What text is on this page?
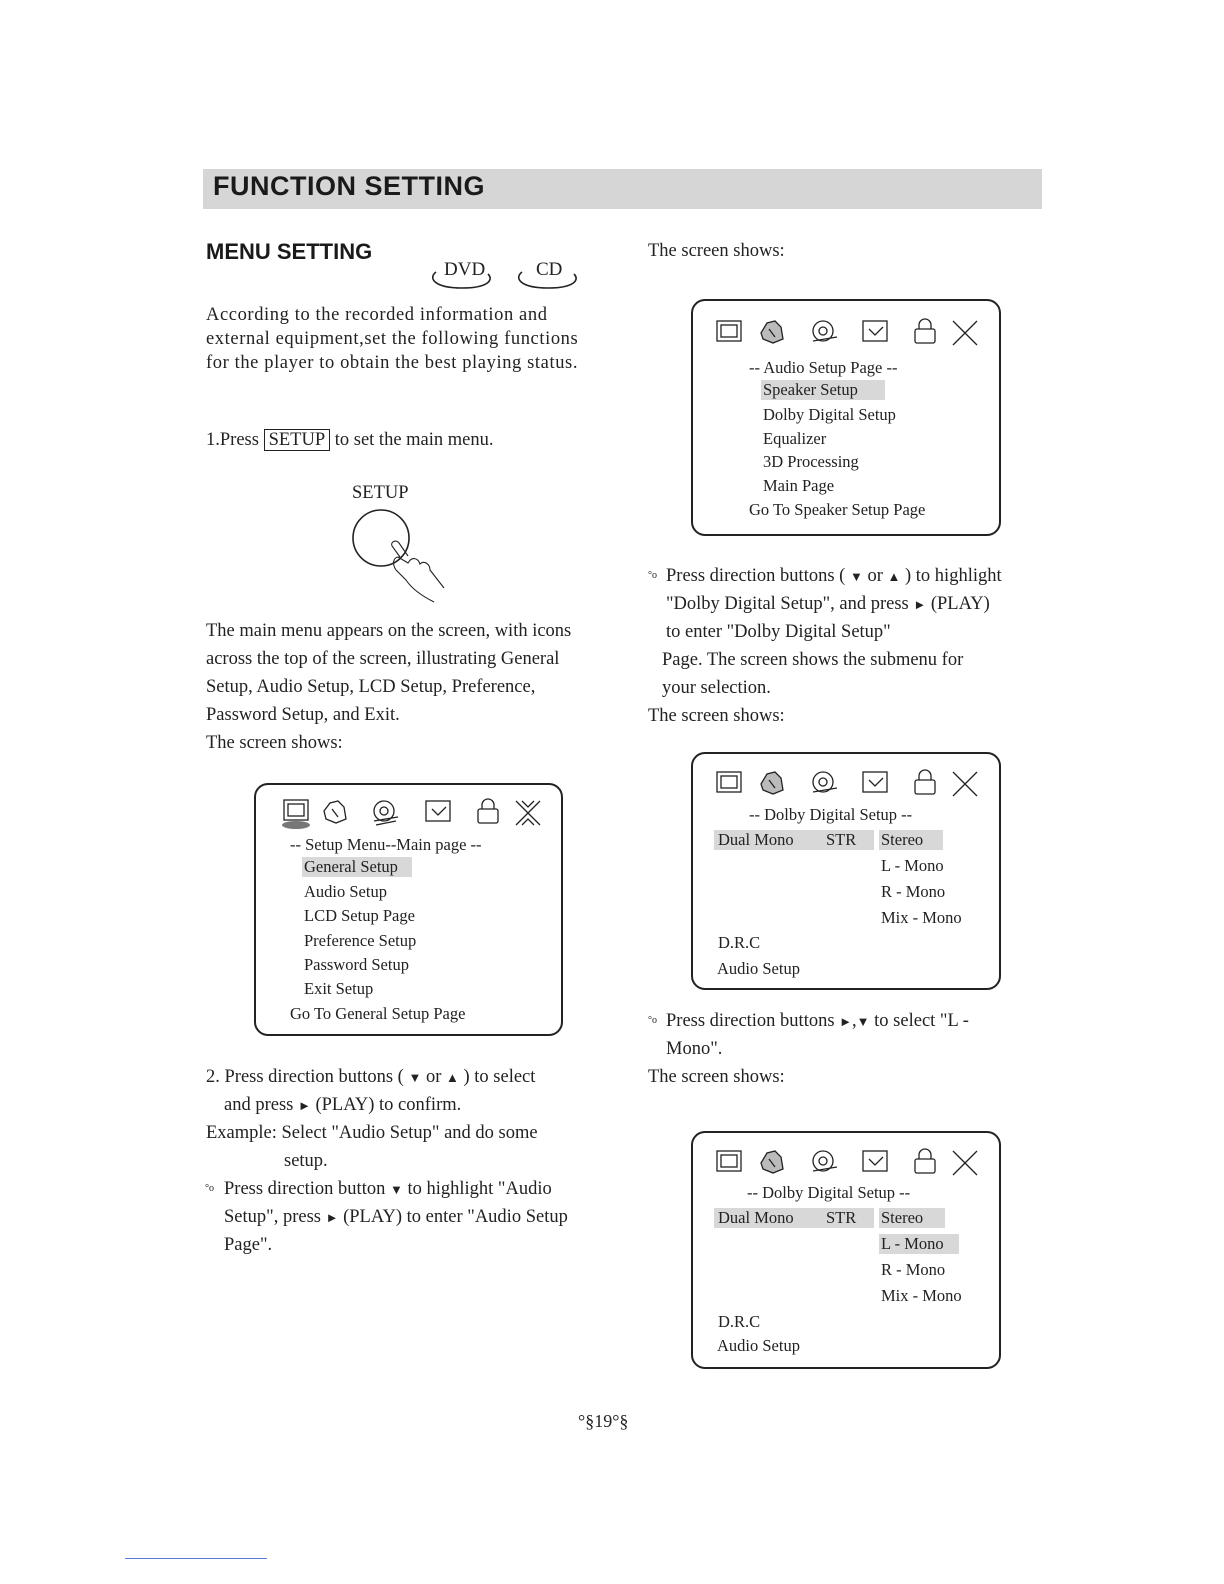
FUNCTION SETTING
MENU SETTING
DVD	CD
According to the recorded information and
external equipment,set the following functions
for the player to obtain the best playing status.
1.Press SETUP to set the main menu.
SETUP
The main menu appears on the screen, with icons
across the top of the screen, illustrating General
Setup, Audio Setup, LCD Setup, Preference,
Password Setup, and Exit.
The screen shows:
-- Setup Menu--Main page --
General Setup
Audio Setup
LCD Setup Page
Preference Setup
Password Setup
Exit Setup
Go To General Setup Page
2. Press direction buttons ( ▼ or ▲ ) to select
and press ► (PLAY) to confirm.
Example: Select "Audio Setup" and do some
setup.
°o Press direction button ▼ to highlight "Audio
Setup", press ► (PLAY) to enter "Audio Setup
Page".
The screen shows:
-- Audio Setup Page --
Speaker Setup
Dolby Digital Setup
Equalizer
3D Processing
Main Page
Go To Speaker Setup Page
°o Press direction buttons ( ▼ or ▲ ) to highlight
"Dolby Digital Setup", and press ► (PLAY)
to enter "Dolby Digital Setup"
Page. The screen shows the submenu for
your selection.
The screen shows:
-- Dolby Digital Setup --
Dual Mono STR Stereo
L - Mono
R - Mono
Mix - Mono
D.R.C
Audio Setup
°o Press direction buttons ►,▼ to select "L -
Mono".
The screen shows:
-- Dolby Digital Setup --
Dual Mono STR Stereo
L - Mono
R - Mono
Mix - Mono
D.R.C
Audio Setup
°§19°§
